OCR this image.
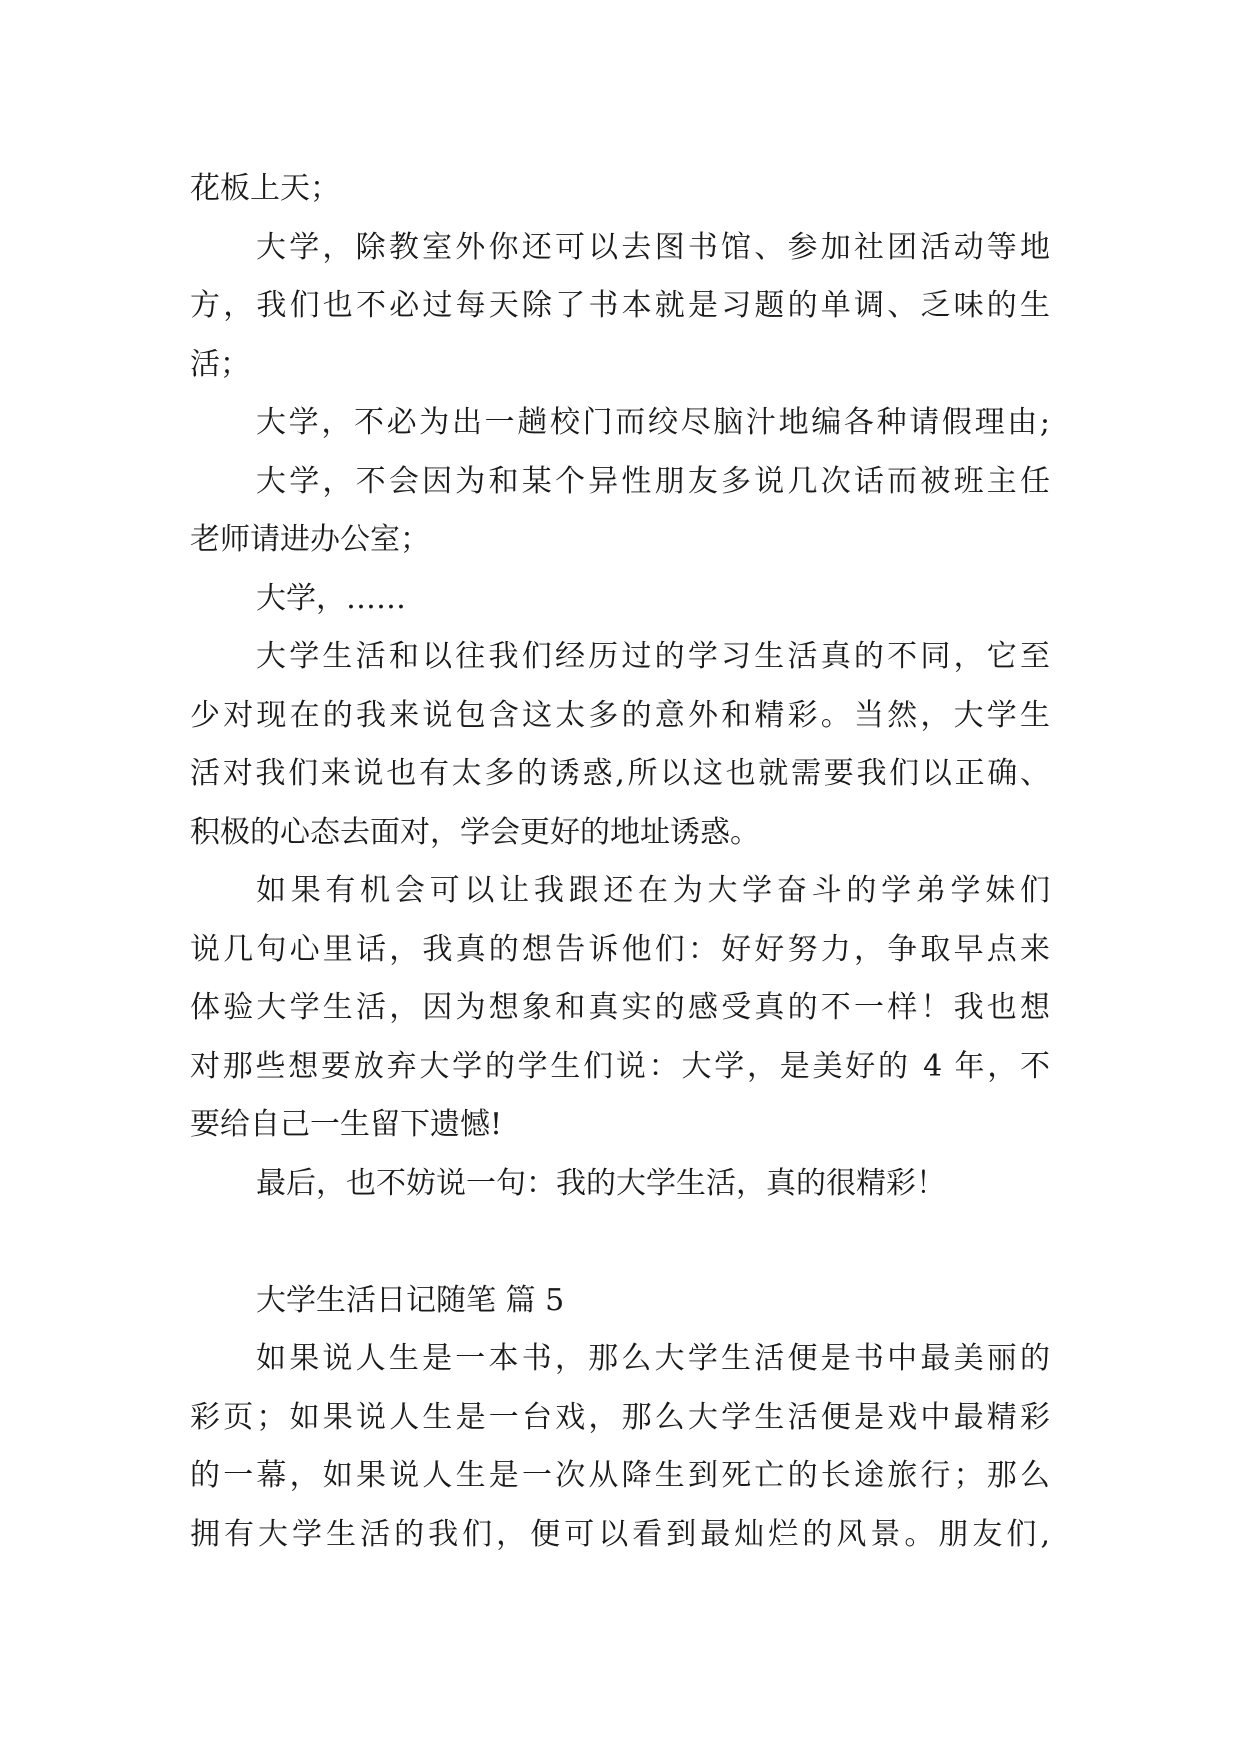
花板上天；
大学，除教室外你还可以去图书馆、参加社团活动等地
方，我们也不必过每天除了书本就是习题的单调、乏味的生
活；
大学，不必为出一趟校门而绞尽脑汁地编各种请假理由;
大学，不会因为和某个异性朋友多说几次话而被班主任
老师请进办公室；
大学，……
大学生活和以往我们经历过的学习生活真的不同，它至
少对现在的我来说包含这太多的意外和精彩。当然，大学生
活对我们来说也有太多的诱惑,所以这也就需要我们以正确、
积极的心态去面对，学会更好的地址诱惑。
如果有机会可以让我跟还在为大学奋斗的学弟学妹们
说几句心里话，我真的想告诉他们：好好努力，争取早点来
体验大学生活，因为想象和真实的感受真的不一样！我也想
对那些想要放弃大学的学生们说：大学，是美好的 4 年，不
要给自己一生留下遗憾!
最后，也不妨说一句：我的大学生活，真的很精彩！
大学生活日记随笔 篇 5
如果说人生是一本书，那么大学生活便是书中最美丽的
彩页；如果说人生是一台戏，那么大学生活便是戏中最精彩
的一幕，如果说人生是一次从降生到死亡的长途旅行；那么
拥有大学生活的我们，便可以看到最灿烂的风景。朋友们,
